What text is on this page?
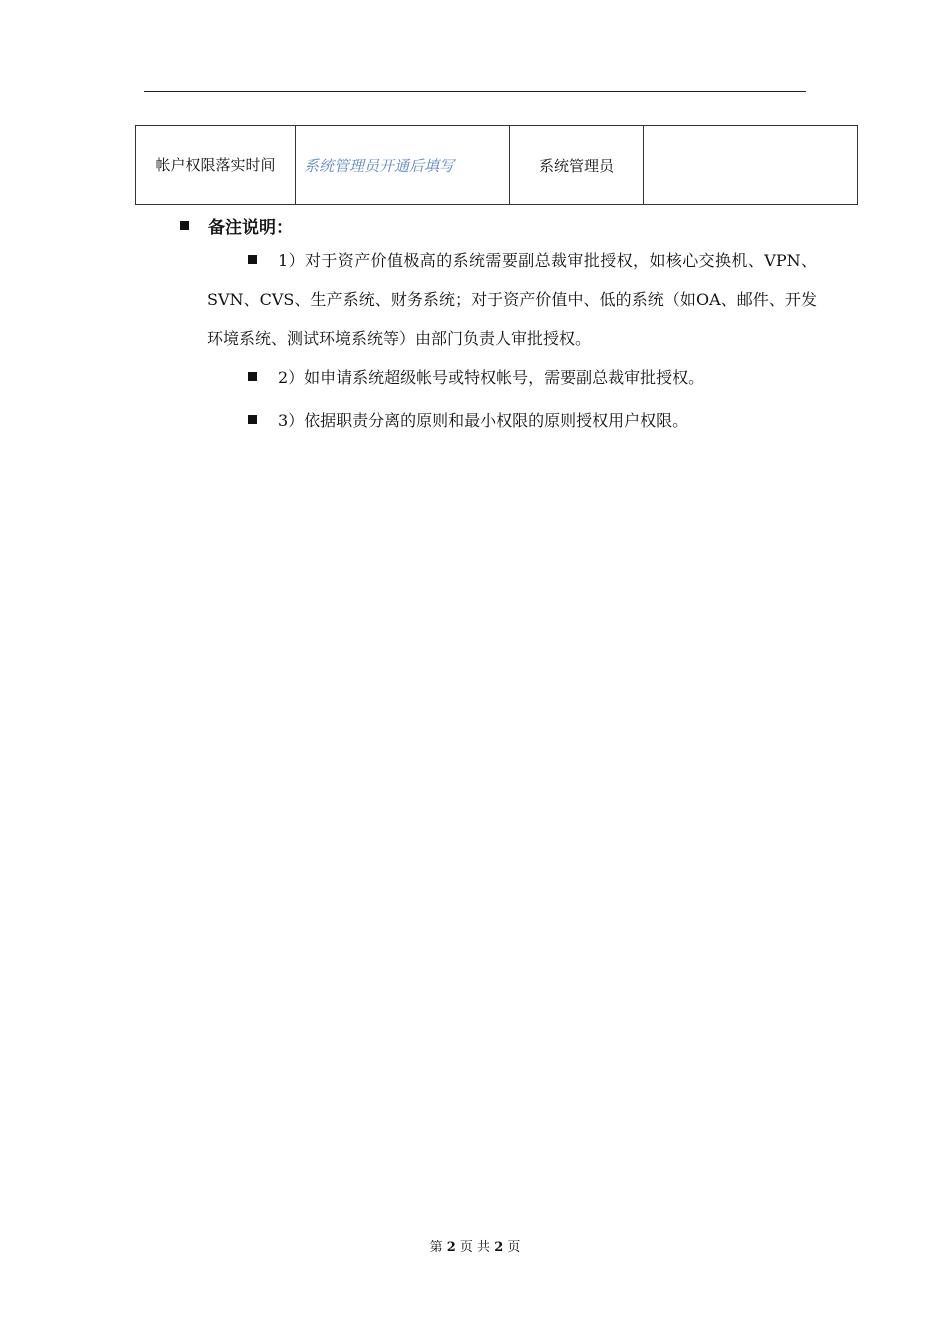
帐户权限落实时间	系统管理员开通后填写	系统管理员	
备注说明：
1）对于资产价值极高的系统需要副总裁审批授权，如核心交换机、VPN、SVN、CVS、生产系统、财务系统；对于资产价值中、低的系统（如OA、邮件、开发环境系统、测试环境系统等）由部门负责人审批授权。
2）如申请系统超级帐号或特权帐号，需要副总裁审批授权。
3）依据职责分离的原则和最小权限的原则授权用户权限。
第 2 页 共 2 页
